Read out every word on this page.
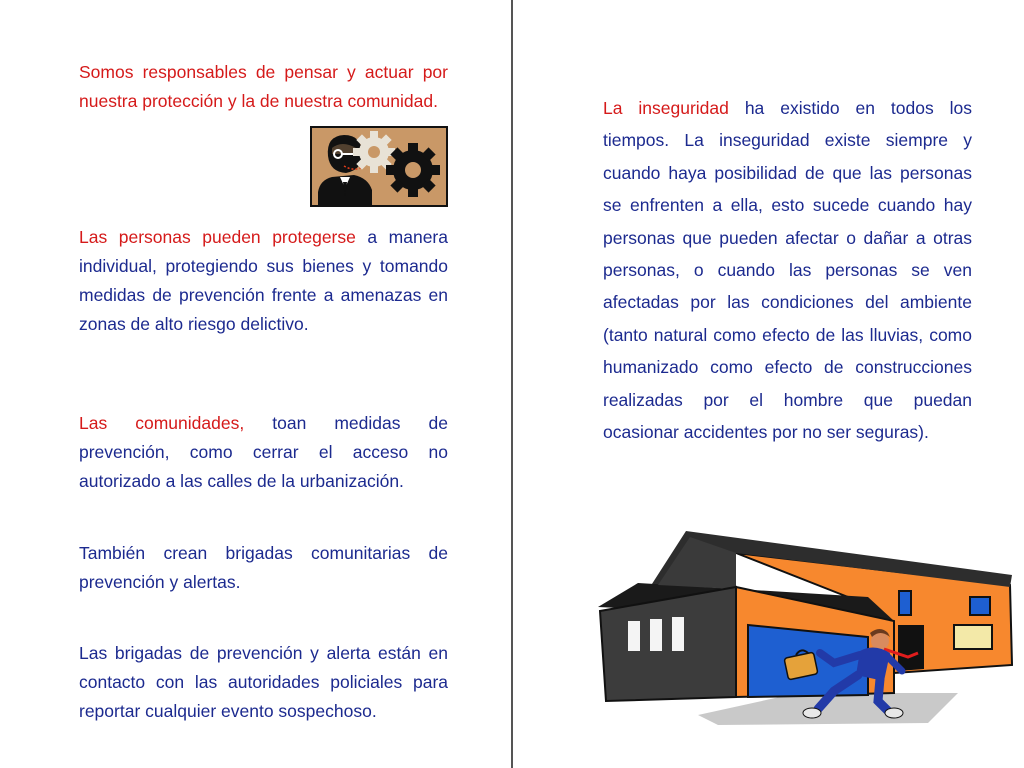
Somos responsables de pensar y actuar por nuestra protección y la de nuestra comunidad.

Las personas pueden protegerse a manera individual, protegiendo sus bienes y tomando medidas de prevención frente a amenazas en zonas de alto riesgo delictivo.

Las comunidades, toan medidas de prevención, como cerrar el acceso no autorizado a las calles de la urbanización.

También crean brigadas comunitarias de prevención y alertas.

Las brigadas de prevención y alerta están en contacto con las autoridades policiales para reportar cualquier evento sospechoso.

La inseguridad ha existido en todos los tiempos. La inseguridad existe siempre y cuando haya posibilidad de que las personas se enfrenten a ella, esto sucede cuando hay personas que pueden afectar o dañar a otras personas, o cuando las personas se ven afectadas por las condiciones del ambiente (tanto natural como efecto de las lluvias, como humanizado como efecto de construcciones realizadas por el hombre que puedan ocasionar accidentes por no ser seguras).
